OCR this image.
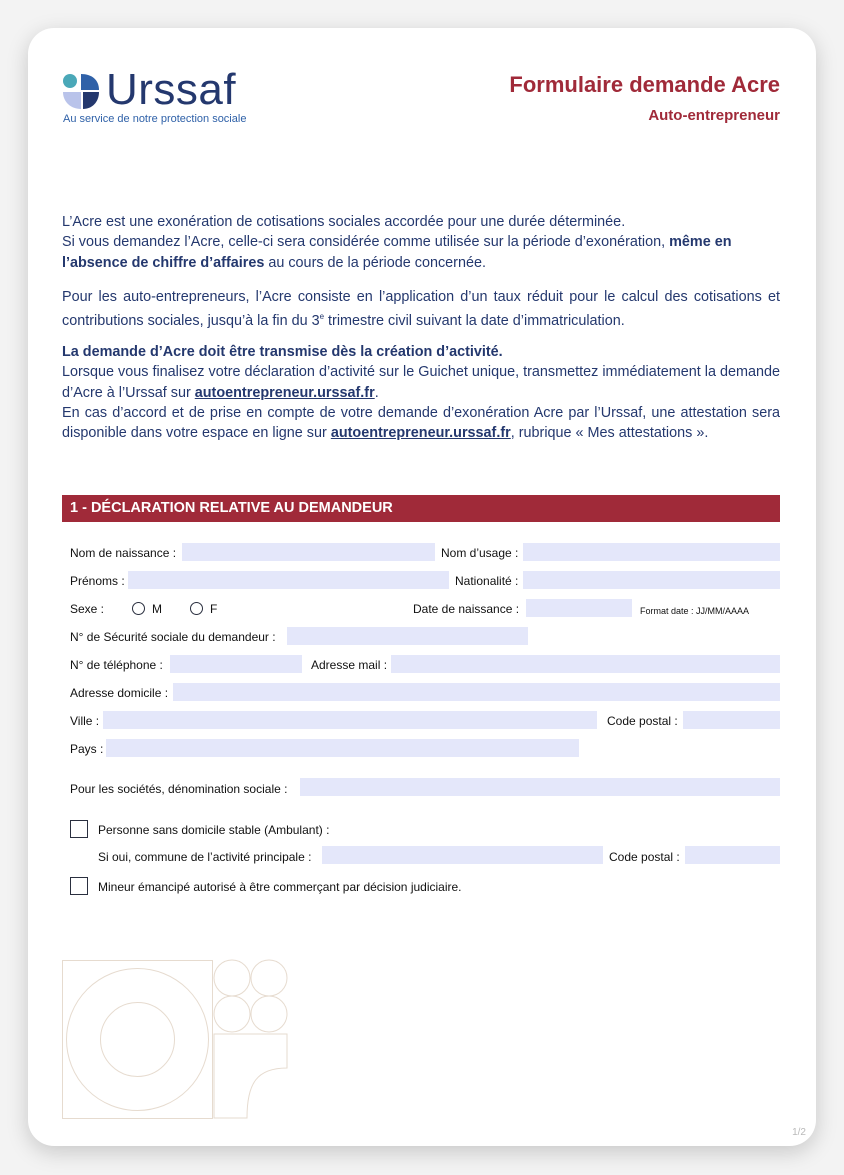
Urssaf
Au service de notre protection sociale
Formulaire demande Acre
Auto-entrepreneur

L’Acre est une exonération de cotisations sociales accordée pour une durée déterminée.

Si vous demandez l’Acre, celle-ci sera considérée comme utilisée sur la période d’exonération, même en l’absence de chiffre d’affaires au cours de la période concernée.

Pour les auto-entrepreneurs, l’Acre consiste en l’application d’un taux réduit pour le calcul des cotisations et contributions sociales, jusqu’à la fin du 3e trimestre civil suivant la date d’immatriculation.

La demande d’Acre doit être transmise dès la création d’activité.

Lorsque vous finalisez votre déclaration d’activité sur le Guichet unique, transmettez immédiatement la demande d’Acre à l’Urssaf sur autoentrepreneur.urssaf.fr.

En cas d’accord et de prise en compte de votre demande d’exonération Acre par l’Urssaf, une attestation sera disponible dans votre espace en ligne sur autoentrepreneur.urssaf.fr, rubrique « Mes attestations ».

1 - DÉCLARATION RELATIVE AU DEMANDEUR
Nom de naissance :	Nom d’usage :
Prénoms :	Nationalité :
Sexe :	M	F	Date de naissance :	Format date : JJ/MM/AAAA
N° de Sécurité sociale du demandeur :
N° de téléphone :	Adresse mail :
Adresse domicile :
Ville :	Code postal :
Pays :
Pour les sociétés, dénomination sociale :
Personne sans domicile stable (Ambulant) :
Si oui, commune de l’activité principale :	Code postal :
Mineur émancipé autorisé à être commerçant par décision judiciaire.
1/2
